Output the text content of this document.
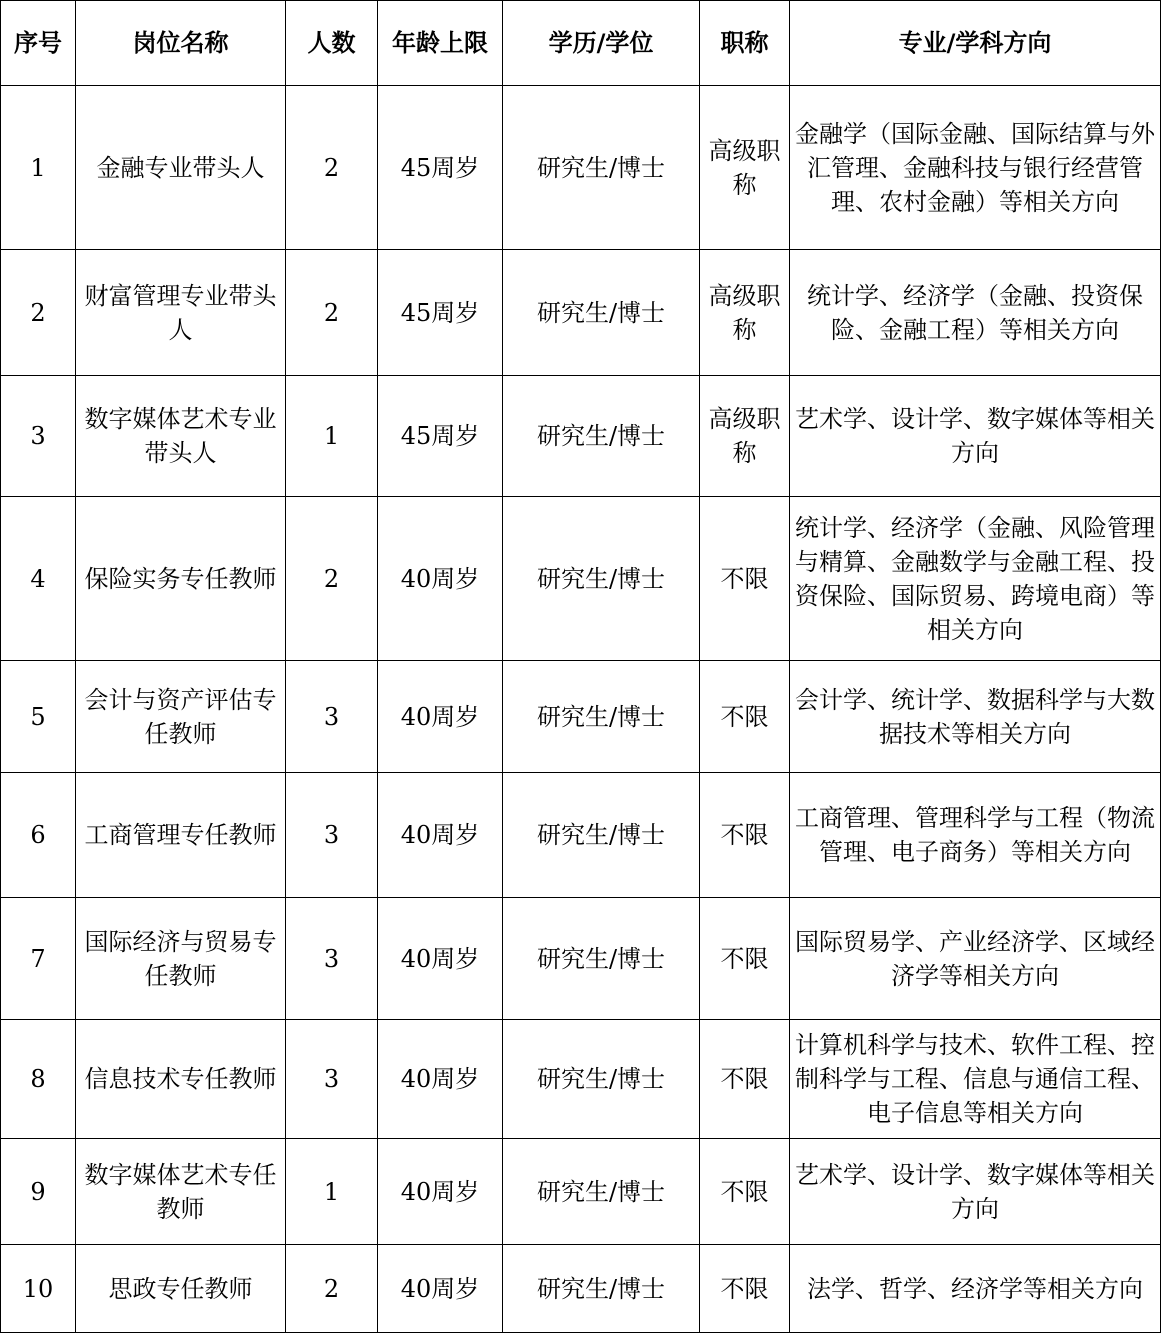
序号	岗位名称	人数	年龄上限	学历/学位	职称	专业/学科方向
1	金融专业带头人	2	45周岁	研究生/博士	高级职称	金融学（国际金融、国际结算与外汇管理、金融科技与银行经营管理、农村金融）等相关方向
2	财富管理专业带头人	2	45周岁	研究生/博士	高级职称	统计学、经济学（金融、投资保险、金融工程）等相关方向
3	数字媒体艺术专业带头人	1	45周岁	研究生/博士	高级职称	艺术学、设计学、数字媒体等相关方向
4	保险实务专任教师	2	40周岁	研究生/博士	不限	统计学、经济学（金融、风险管理与精算、金融数学与金融工程、投资保险、国际贸易、跨境电商）等相关方向
5	会计与资产评估专任教师	3	40周岁	研究生/博士	不限	会计学、统计学、数据科学与大数据技术等相关方向
6	工商管理专任教师	3	40周岁	研究生/博士	不限	工商管理、管理科学与工程（物流管理、电子商务）等相关方向
7	国际经济与贸易专任教师	3	40周岁	研究生/博士	不限	国际贸易学、产业经济学、区域经济学等相关方向
8	信息技术专任教师	3	40周岁	研究生/博士	不限	计算机科学与技术、软件工程、控制科学与工程、信息与通信工程、电子信息等相关方向
9	数字媒体艺术专任教师	1	40周岁	研究生/博士	不限	艺术学、设计学、数字媒体等相关方向
10	思政专任教师	2	40周岁	研究生/博士	不限	法学、哲学、经济学等相关方向
